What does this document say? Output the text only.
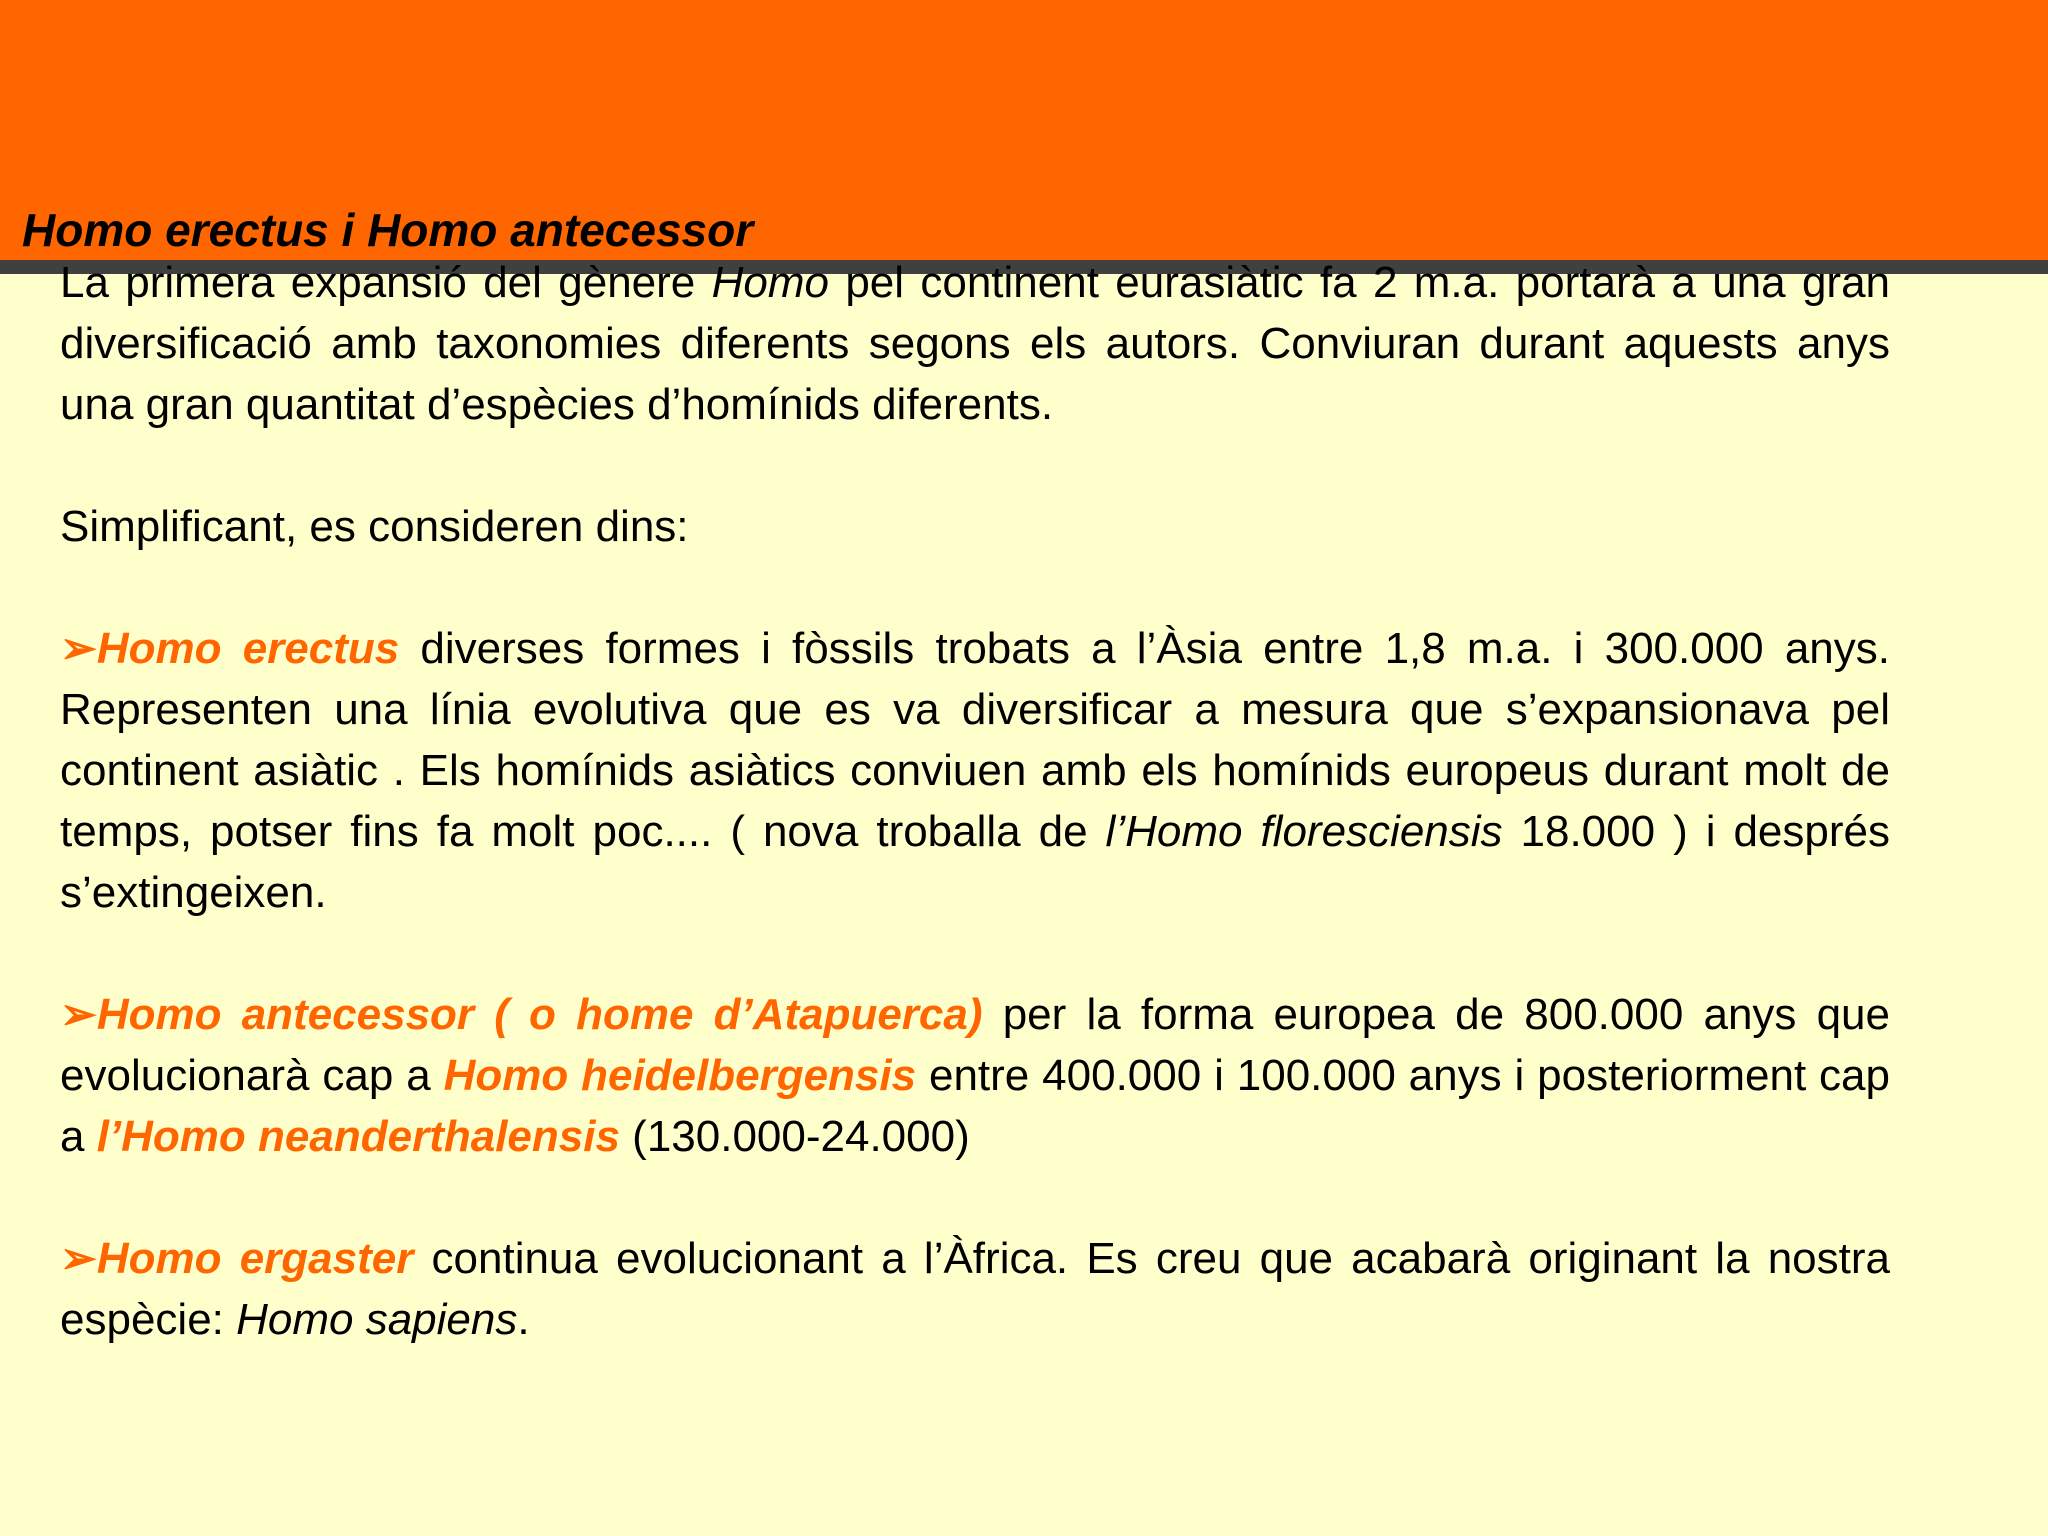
Homo erectus i Homo antecessor

La primera expansió del gènere Homo pel continent eurasiàtic fa 2 m.a. portarà a una gran diversificació amb taxonomies diferents segons els autors. Conviuran durant aquests anys una gran quantitat d’espècies d’homínids diferents.

Simplificant, es consideren dins:

➢Homo erectus diverses formes i fòssils trobats a l’Àsia entre 1,8 m.a. i 300.000 anys. Representen una línia evolutiva que es va diversificar a mesura que s’expansionava pel continent asiàtic . Els homínids asiàtics conviuen amb els homínids europeus durant molt de temps, potser fins fa molt poc.... ( nova troballa de l’Homo floresciensis 18.000 ) i després s’extingeixen.

➢Homo antecessor ( o home d’Atapuerca) per la forma europea de 800.000 anys que evolucionarà cap a Homo heidelbergensis entre 400.000 i 100.000 anys i posteriorment cap a l’Homo neanderthalensis (130.000-24.000)

➢Homo ergaster continua evolucionant a l’Àfrica. Es creu que acabarà originant la nostra espècie: Homo sapiens.
